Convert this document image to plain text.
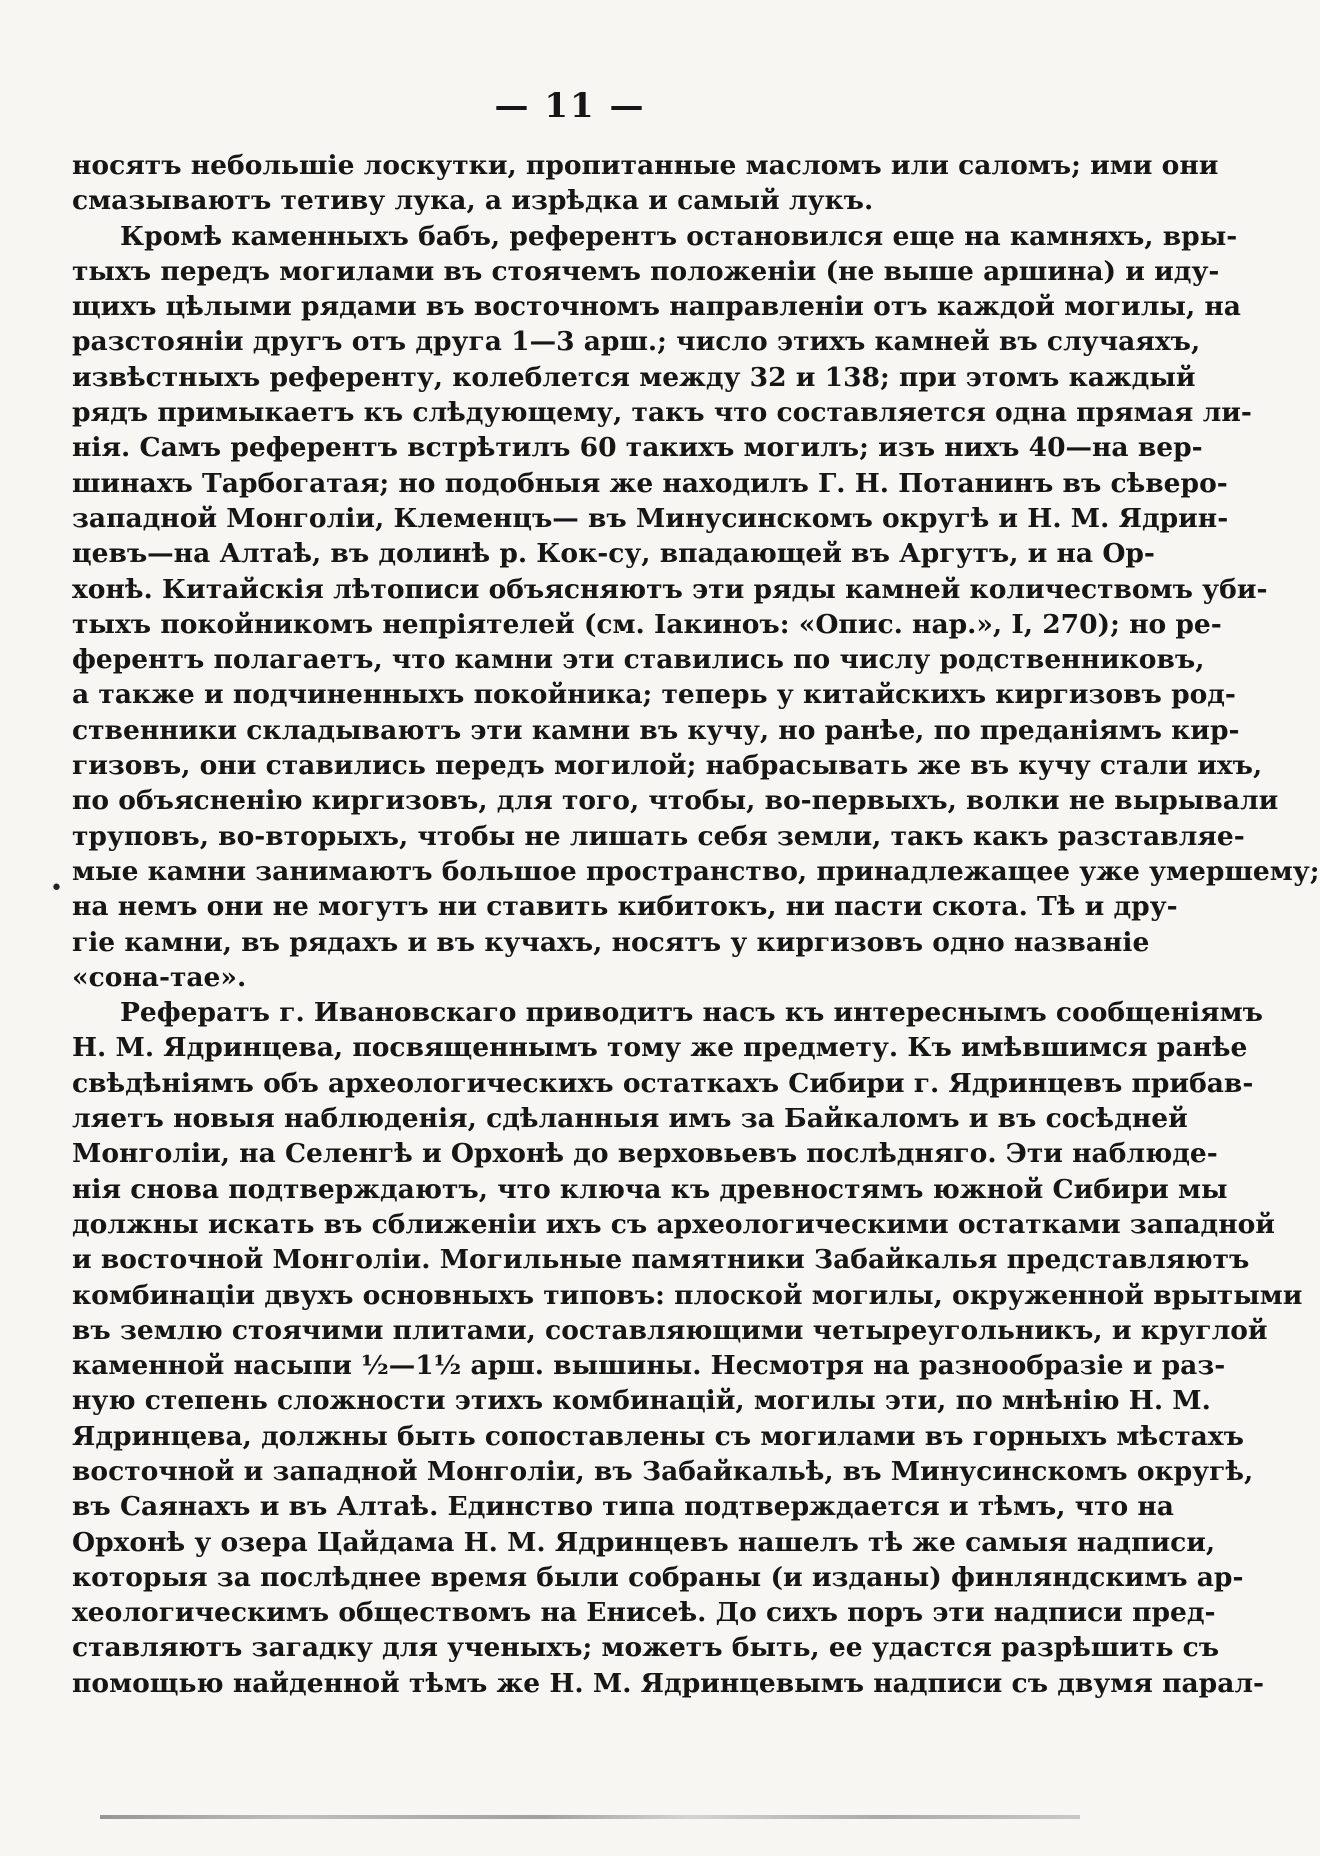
— 11 —
•
носятъ небольшіе лоскутки, пропитанные масломъ или саломъ; ими они
смазываютъ тетиву лука, а изрѣдка и самый лукъ.
Кромѣ каменныхъ бабъ, референтъ остановился еще на камняхъ, вры-
тыхъ передъ могилами въ стоячемъ положеніи (не выше аршина) и иду-
щихъ цѣлыми рядами въ восточномъ направленіи отъ каждой могилы, на
разстояніи другъ отъ друга 1—3 арш.; число этихъ камней въ случаяхъ,
извѣстныхъ референту, колеблется между 32 и 138; при этомъ каждый
рядъ примыкаетъ къ слѣдующему, такъ что составляется одна прямая ли-
нія. Самъ референтъ встрѣтилъ 60 такихъ могилъ; изъ нихъ 40—на вер-
шинахъ Тарбогатая; но подобныя же находилъ Г. Н. Потанинъ въ сѣверо-
западной Монголіи, Клеменцъ— въ Минусинскомъ округѣ и Н. М. Ядрин-
цевъ—на Алтаѣ, въ долинѣ р. Кок-су, впадающей въ Аргутъ, и на Ор-
хонѣ. Китайскія лѣтописи объясняютъ эти ряды камней количествомъ уби-
тыхъ покойникомъ непріятелей (см. Іакиноъ: «Опис. нар.», I, 270); но ре-
ферентъ полагаетъ, что камни эти ставились по числу родственниковъ,
а также и подчиненныхъ покойника; теперь у китайскихъ киргизовъ род-
ственники складываютъ эти камни въ кучу, но ранѣе, по преданіямъ кир-
гизовъ, они ставились передъ могилой; набрасывать же въ кучу стали ихъ,
по объясненію киргизовъ, для того, чтобы, во-первыхъ, волки не вырывали
труповъ, во-вторыхъ, чтобы не лишать себя земли, такъ какъ разставляе-
мые камни занимаютъ большое пространство, принадлежащее уже умершему;
на немъ они не могутъ ни ставить кибитокъ, ни пасти скота. Тѣ и дру-
гіе камни, въ рядахъ и въ кучахъ, носятъ у киргизовъ одно названіе
«сона-тае».
Рефератъ г. Ивановскаго приводитъ насъ къ интереснымъ сообщеніямъ
Н. М. Ядринцева, посвященнымъ тому же предмету. Къ имѣвшимся ранѣе
свѣдѣніямъ объ археологическихъ остаткахъ Сибири г. Ядринцевъ прибав-
ляетъ новыя наблюденія, сдѣланныя имъ за Байкаломъ и въ сосѣдней
Монголіи, на Селенгѣ и Орхонѣ до верховьевъ послѣдняго. Эти наблюде-
нія снова подтверждаютъ, что ключа къ древностямъ южной Сибири мы
должны искать въ сближеніи ихъ съ археологическими остатками западной
и восточной Монголіи. Могильные памятники Забайкалья представляютъ
комбинаціи двухъ основныхъ типовъ: плоской могилы, окруженной врытыми
въ землю стоячими плитами, составляющими четыреугольникъ, и круглой
каменной насыпи ½—1½ арш. вышины. Несмотря на разнообразіе и раз-
ную степень сложности этихъ комбинацій, могилы эти, по мнѣнію Н. М.
Ядринцева, должны быть сопоставлены съ могилами въ горныхъ мѣстахъ
восточной и западной Монголіи, въ Забайкальѣ, въ Минусинскомъ округѣ,
въ Саянахъ и въ Алтаѣ. Единство типа подтверждается и тѣмъ, что на
Орхонѣ у озера Цайдама Н. М. Ядринцевъ нашелъ тѣ же самыя надписи,
которыя за послѣднее время были собраны (и изданы) финляндскимъ ар-
хеологическимъ обществомъ на Енисеѣ. До сихъ поръ эти надписи пред-
ставляютъ загадку для ученыхъ; можетъ быть, ее удастся разрѣшить съ
помощью найденной тѣмъ же Н. М. Ядринцевымъ надписи съ двумя парал-
